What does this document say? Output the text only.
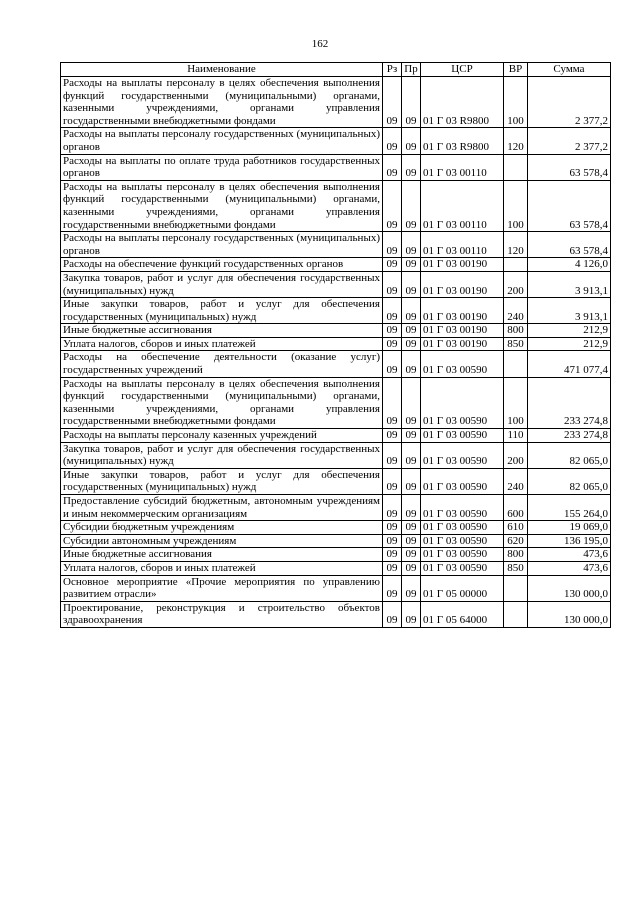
162
Наименование	Рз	Пр	ЦСР	ВР	Сумма
Расходы на выплаты персоналу в целях обеспечения выполнения функций государственными (муниципальными) органами, казенными учреждениями, органами управления государственными внебюджетными фондами	09	09	01 Г 03 R9800	100	2 377,2
Расходы на выплаты персоналу государственных (муниципальных) органов	09	09	01 Г 03 R9800	120	2 377,2
Расходы на выплаты по оплате труда работников государственных органов	09	09	01 Г 03 00110		63 578,4
Расходы на выплаты персоналу в целях обеспечения выполнения функций государственными (муниципальными) органами, казенными учреждениями, органами управления государственными внебюджетными фондами	09	09	01 Г 03 00110	100	63 578,4
Расходы на выплаты персоналу государственных (муниципальных) органов	09	09	01 Г 03 00110	120	63 578,4
Расходы на обеспечение функций государственных органов	09	09	01 Г 03 00190		4 126,0
Закупка товаров, работ и услуг для обеспечения государственных (муниципальных) нужд	09	09	01 Г 03 00190	200	3 913,1
Иные закупки товаров, работ и услуг для обеспечения государственных (муниципальных) нужд	09	09	01 Г 03 00190	240	3 913,1
Иные бюджетные ассигнования	09	09	01 Г 03 00190	800	212,9
Уплата налогов, сборов и иных платежей	09	09	01 Г 03 00190	850	212,9
Расходы на обеспечение деятельности (оказание услуг) государственных учреждений	09	09	01 Г 03 00590		471 077,4
Расходы на выплаты персоналу в целях обеспечения выполнения функций государственными (муниципальными) органами, казенными учреждениями, органами управления государственными внебюджетными фондами	09	09	01 Г 03 00590	100	233 274,8
Расходы на выплаты персоналу казенных учреждений	09	09	01 Г 03 00590	110	233 274,8
Закупка товаров, работ и услуг для обеспечения государственных (муниципальных) нужд	09	09	01 Г 03 00590	200	82 065,0
Иные закупки товаров, работ и услуг для обеспечения государственных (муниципальных) нужд	09	09	01 Г 03 00590	240	82 065,0
Предоставление субсидий бюджетным, автономным учреждениям и иным некоммерческим организациям	09	09	01 Г 03 00590	600	155 264,0
Субсидии бюджетным учреждениям	09	09	01 Г 03 00590	610	19 069,0
Субсидии автономным учреждениям	09	09	01 Г 03 00590	620	136 195,0
Иные бюджетные ассигнования	09	09	01 Г 03 00590	800	473,6
Уплата налогов, сборов и иных платежей	09	09	01 Г 03 00590	850	473,6
Основное мероприятие «Прочие мероприятия по управлению развитием отрасли»	09	09	01 Г 05 00000		130 000,0
Проектирование, реконструкция и строительство объектов здравоохранения	09	09	01 Г 05 64000		130 000,0
